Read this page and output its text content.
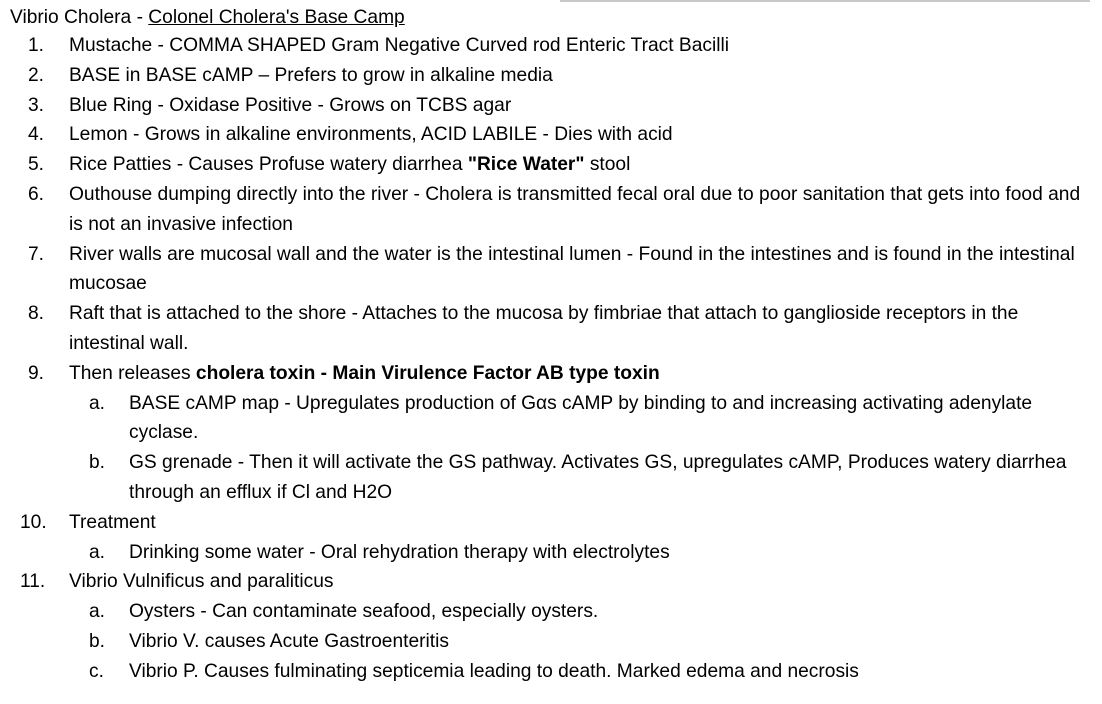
Vibrio Cholera - Colonel Cholera's Base Camp
1. Mustache - COMMA SHAPED Gram Negative Curved rod Enteric Tract Bacilli
2. BASE in BASE cAMP – Prefers to grow in alkaline media
3. Blue Ring - Oxidase Positive - Grows on TCBS agar
4. Lemon - Grows in alkaline environments, ACID LABILE - Dies with acid
5. Rice Patties - Causes Profuse watery diarrhea "Rice Water" stool
6. Outhouse dumping directly into the river - Cholera is transmitted fecal oral due to poor sanitation that gets into food and is not an invasive infection
7. River walls are mucosal wall and the water is the intestinal lumen - Found in the intestines and is found in the intestinal mucosae
8. Raft that is attached to the shore - Attaches to the mucosa by fimbriae that attach to ganglioside receptors in the intestinal wall.
9. Then releases cholera toxin - Main Virulence Factor AB type toxin
a. BASE cAMP map - Upregulates production of Gαs cAMP by binding to and increasing activating adenylate cyclase.
b. GS grenade - Then it will activate the GS pathway. Activates GS, upregulates cAMP, Produces watery diarrhea through an efflux if Cl and H2O
10. Treatment
a. Drinking some water - Oral rehydration therapy with electrolytes
11. Vibrio Vulnificus and paraliticus
a. Oysters - Can contaminate seafood, especially oysters.
b. Vibrio V. causes Acute Gastroenteritis
c. Vibrio P. Causes fulminating septicemia leading to death. Marked edema and necrosis
